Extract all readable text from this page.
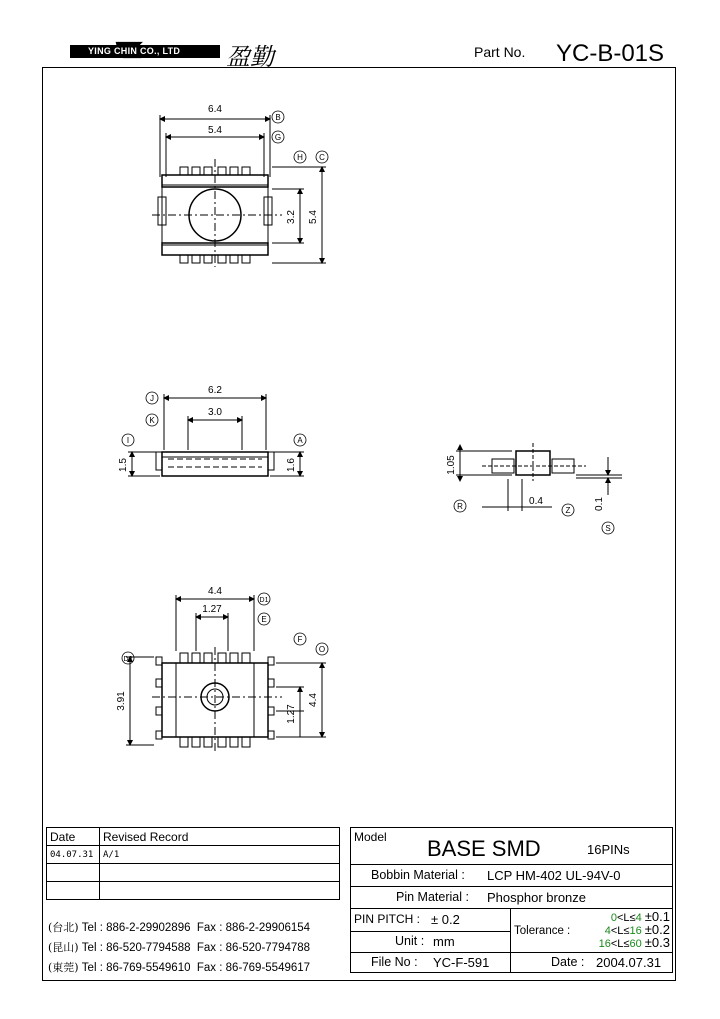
YING CHIN CO., LTD 盈勤	Part No. YC-B-01S
6.4
5.4
3.2 5.4
6.2
3.0
1.5	1.6	1.05
0.4	0.1
4.4
1.27
3.91
1.27
4.4
B
G
H C
J
K
I	A
R	Z
S
D1
E
F
D2
O
Date	Revised Record
04.07.31	A/1

(台北) Tel : 886-2-29902896 Fax : 886-2-29906154
(昆山) Tel : 86-520-7794588 Fax : 86-520-7794788
(東莞) Tel : 86-769-5549610 Fax : 86-769-5549617
Model BASE SMD	16PINs
Bobbin Material : LCP HM-402 UL-94V-0
Pin Material : Phosphor bronze
PIN PITCH : ± 0.2
Unit : mm
File No : YC-F-591	Date : 2004.07.31
Tolerance :
0<L≤4 ±0.1
4<L≤16 ±0.2
16<L≤60 ±0.3
